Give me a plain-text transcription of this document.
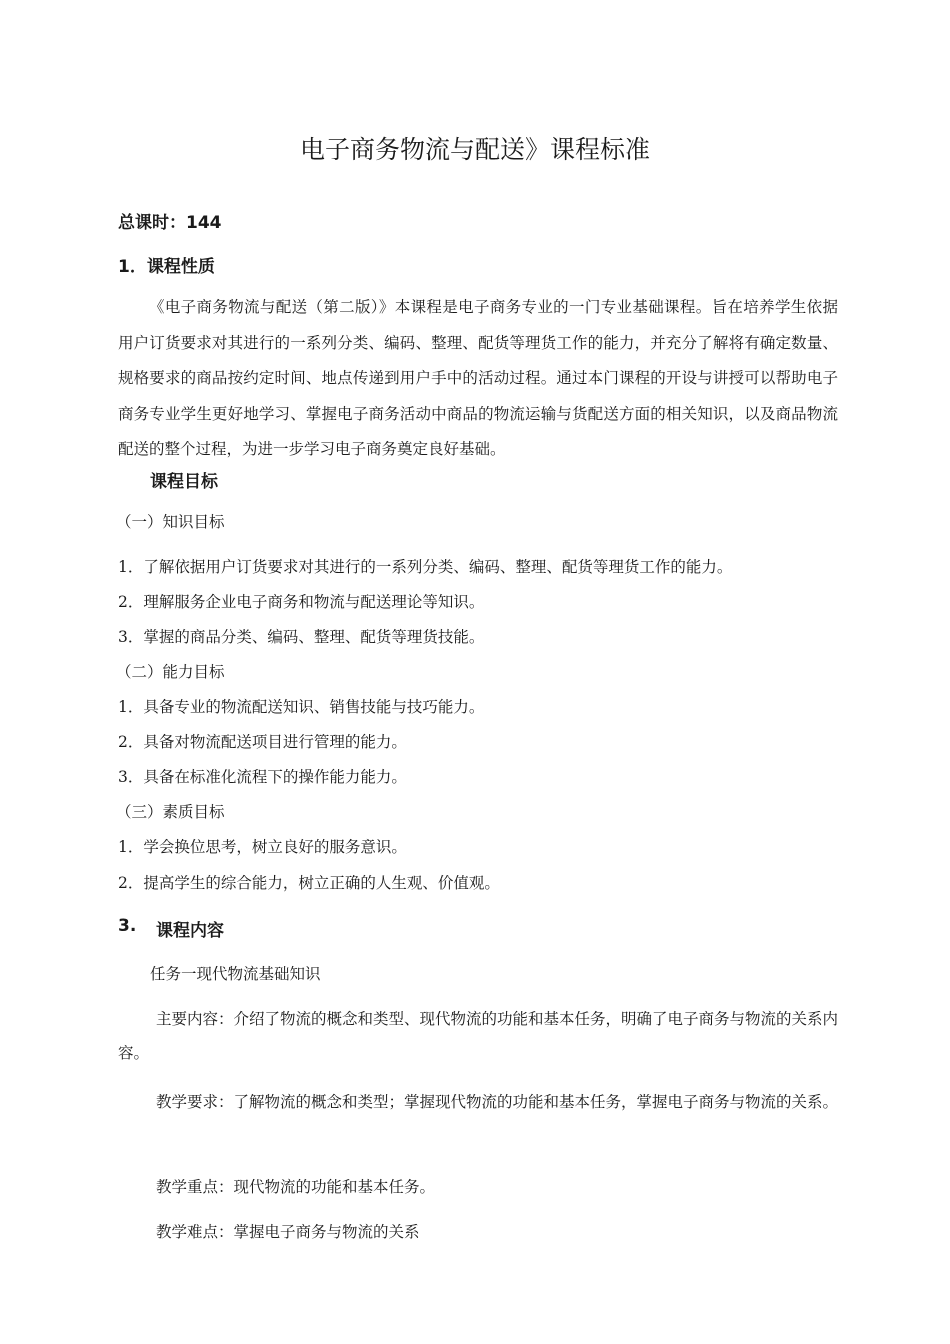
电子商务物流与配送》课程标准
总课时：144
1．课程性质
《电子商务物流与配送（第二版）》本课程是电子商务专业的一门专业基础课程。旨在培养学生依据用户订货要求对其进行的一系列分类、编码、整理、配货等理货工作的能力，并充分了解将有确定数量、规格要求的商品按约定时间、地点传递到用户手中的活动过程。通过本门课程的开设与讲授可以帮助电子商务专业学生更好地学习、掌握电子商务活动中商品的物流运输与货配送方面的相关知识，以及商品物流配送的整个过程，为进一步学习电子商务奠定良好基础。
课程目标
（一）知识目标
1．了解依据用户订货要求对其进行的一系列分类、编码、整理、配货等理货工作的能力。
2．理解服务企业电子商务和物流与配送理论等知识。
3．掌握的商品分类、编码、整理、配货等理货技能。
（二）能力目标
1．具备专业的物流配送知识、销售技能与技巧能力。
2．具备对物流配送项目进行管理的能力。
3．具备在标准化流程下的操作能力能力。
（三）素质目标
1．学会换位思考，树立良好的服务意识。
2．提高学生的综合能力，树立正确的人生观、价值观。
3. 课程内容
任务一现代物流基础知识
主要内容：介绍了物流的概念和类型、现代物流的功能和基本任务，明确了电子商务与物流的关系内容。
教学要求：了解物流的概念和类型；掌握现代物流的功能和基本任务，掌握电子商务与物流的关系。
教学重点：现代物流的功能和基本任务。
教学难点：掌握电子商务与物流的关系
